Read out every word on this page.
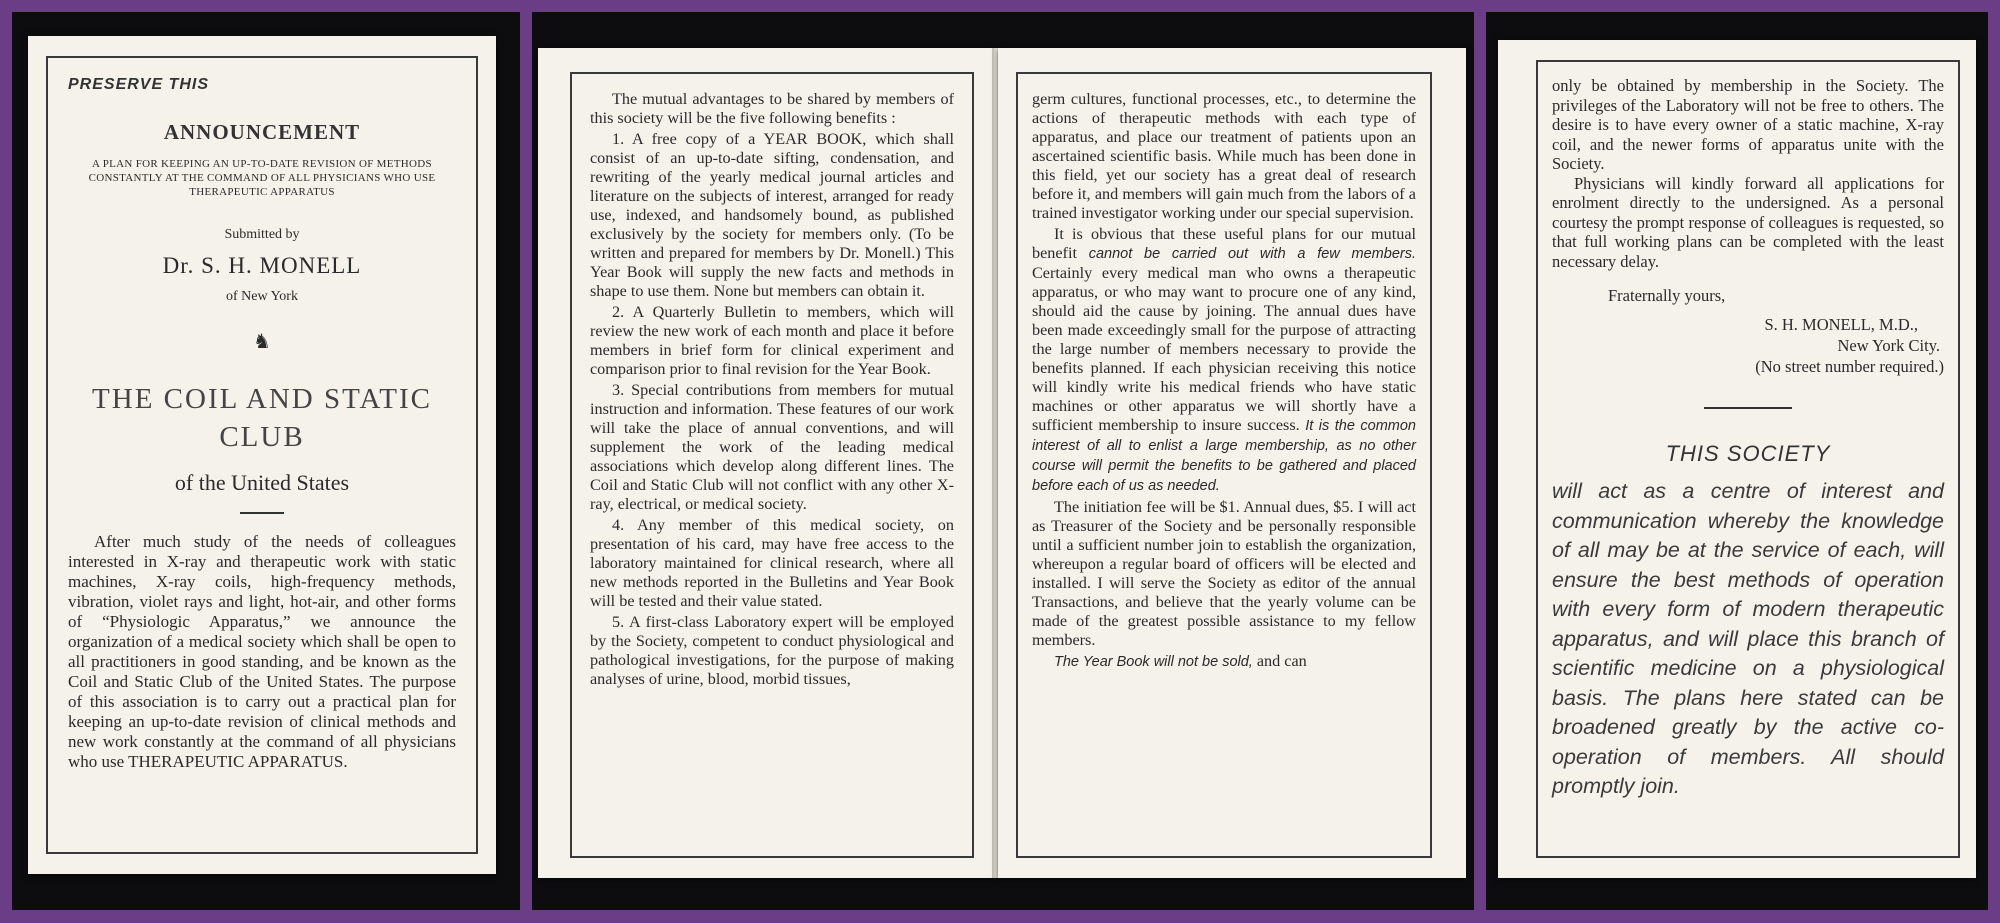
PRESERVE THIS
ANNOUNCEMENT
A PLAN FOR KEEPING AN UP-TO-DATE REVISION OF METHODS CONSTANTLY AT THE COMMAND OF ALL PHYSICIANS WHO USE THERAPEUTIC APPARATUS
Submitted by
Dr. S. H. MONELL
of New York
♞
THE COIL AND STATIC CLUB
of the United States
After much study of the needs of colleagues interested in X-ray and therapeutic work with static machines, X-ray coils, high-frequency methods, vibration, violet rays and light, hot-air, and other forms of “Physiologic Apparatus,” we announce the organization of a medical society which shall be open to all practitioners in good standing, and be known as the Coil and Static Club of the United States. The purpose of this association is to carry out a practical plan for keeping an up-to-date revision of clinical methods and new work constantly at the command of all physicians who use THERAPEUTIC APPARATUS.

The mutual advantages to be shared by members of this society will be the five following benefits :

1. A free copy of a YEAR BOOK, which shall consist of an up-to-date sifting, condensation, and rewriting of the yearly medical journal articles and literature on the subjects of interest, arranged for ready use, indexed, and handsomely bound, as published exclusively by the society for members only. (To be written and prepared for members by Dr. Monell.) This Year Book will supply the new facts and methods in shape to use them. None but members can obtain it.

2. A Quarterly Bulletin to members, which will review the new work of each month and place it before members in brief form for clinical experiment and comparison prior to final revision for the Year Book.

3. Special contributions from members for mutual instruction and information. These features of our work will take the place of annual conventions, and will supplement the work of the leading medical associations which develop along different lines. The Coil and Static Club will not conflict with any other X-ray, electrical, or medical society.

4. Any member of this medical society, on presentation of his card, may have free access to the laboratory maintained for clinical research, where all new methods reported in the Bulletins and Year Book will be tested and their value stated.

5. A first-class Laboratory expert will be employed by the Society, competent to conduct physiological and pathological investigations, for the purpose of making analyses of urine, blood, morbid tissues,

germ cultures, functional processes, etc., to determine the actions of therapeutic methods with each type of apparatus, and place our treatment of patients upon an ascertained scientific basis. While much has been done in this field, yet our society has a great deal of research before it, and members will gain much from the labors of a trained investigator working under our special supervision.

It is obvious that these useful plans for our mutual benefit cannot be carried out with a few members. Certainly every medical man who owns a therapeutic apparatus, or who may want to procure one of any kind, should aid the cause by joining. The annual dues have been made exceedingly small for the purpose of attracting the large number of members necessary to provide the benefits planned. If each physician receiving this notice will kindly write his medical friends who have static machines or other apparatus we will shortly have a sufficient membership to insure success. It is the common interest of all to enlist a large membership, as no other course will permit the benefits to be gathered and placed before each of us as needed.

The initiation fee will be $1. Annual dues, $5. I will act as Treasurer of the Society and be personally responsible until a sufficient number join to establish the organization, whereupon a regular board of officers will be elected and installed. I will serve the Society as editor of the annual Transactions, and believe that the yearly volume can be made of the greatest possible assistance to my fellow members.

The Year Book will not be sold, and can

only be obtained by membership in the Society. The privileges of the Laboratory will not be free to others. The desire is to have every owner of a static machine, X-ray coil, and the newer forms of apparatus unite with the Society.

Physicians will kindly forward all applications for enrolment directly to the undersigned. As a personal courtesy the prompt response of colleagues is requested, so that full working plans can be completed with the least necessary delay.

Fraternally yours,
S. H. MONELL, M.D.,
New York City.
(No street number required.)
THIS SOCIETY
will act as a centre of interest and communication whereby the knowledge of all may be at the service of each, will ensure the best methods of operation with every form of modern therapeutic apparatus, and will place this branch of scientific medicine on a physiological basis. The plans here stated can be broadened greatly by the active co-operation of members. All should promptly join.
